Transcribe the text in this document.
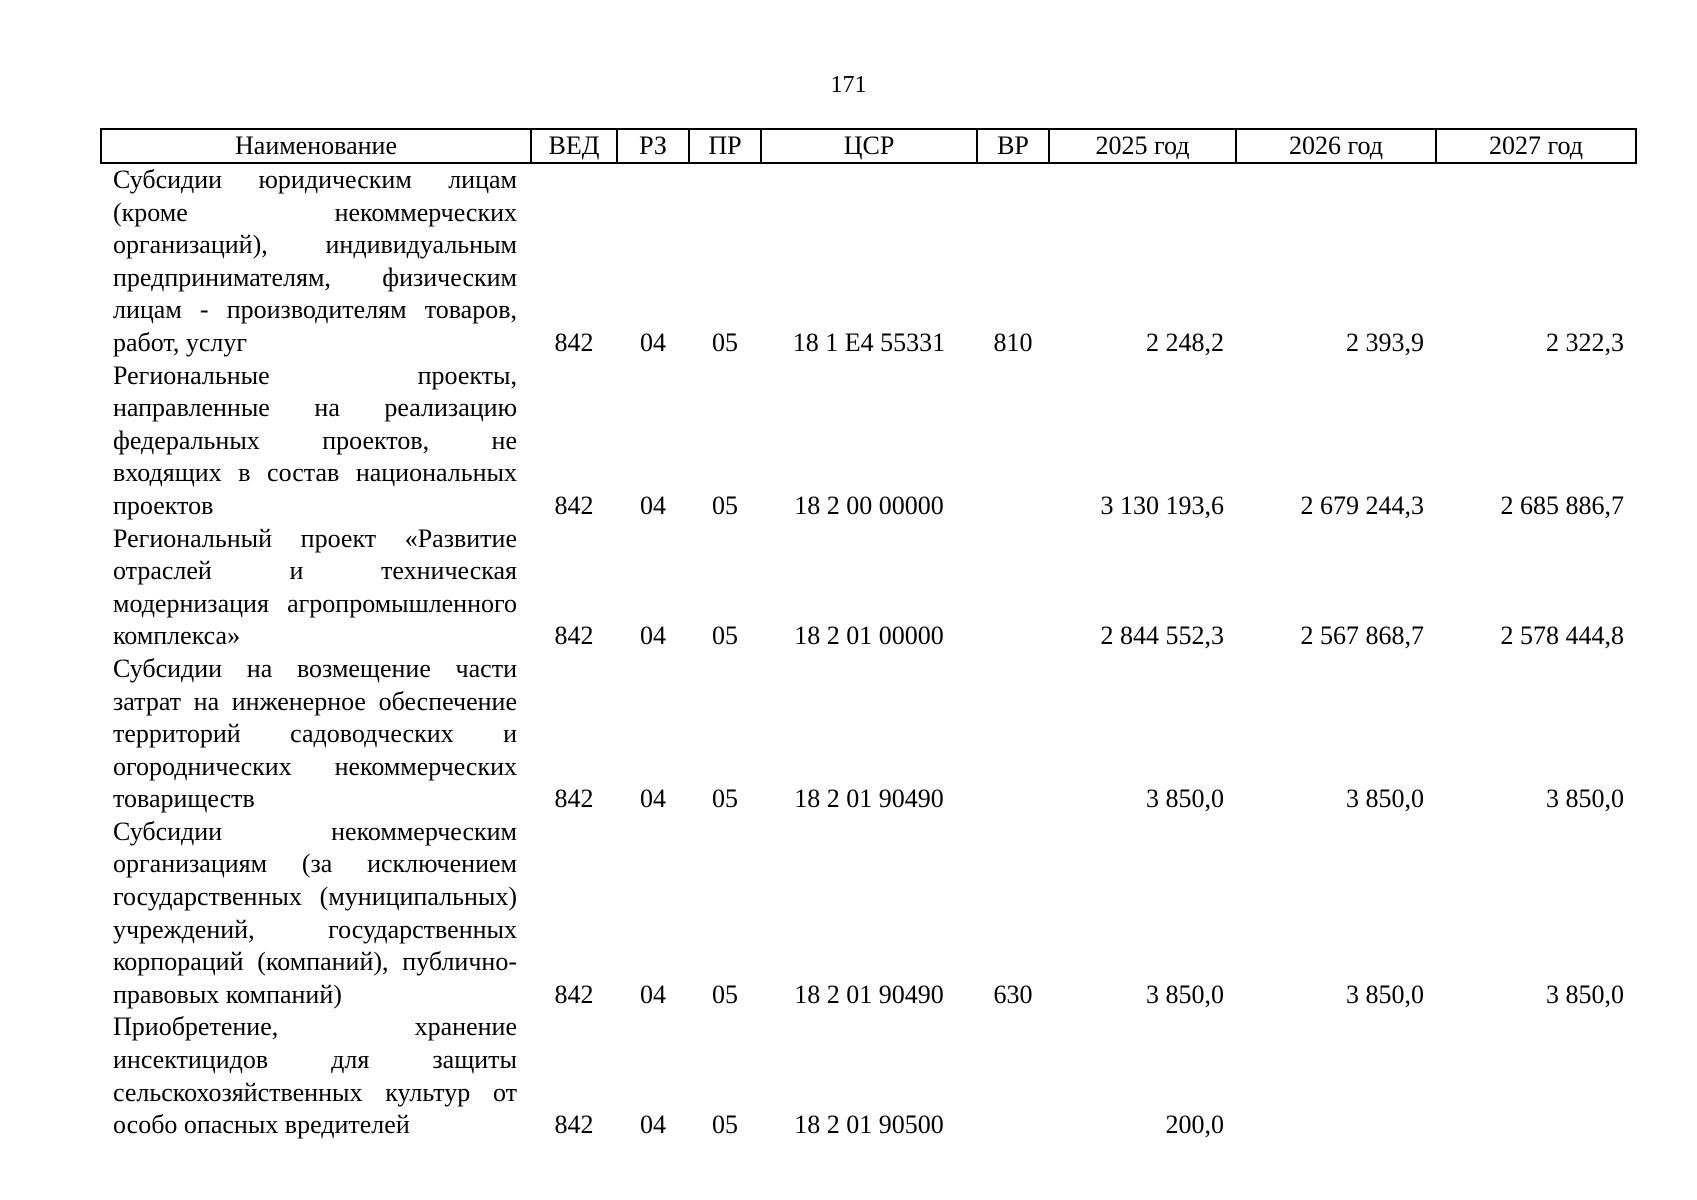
171
Наименование	ВЕД	РЗ	ПР	ЦСР	ВР	2025 год	2026 год	2027 год
Субсидии юридическим лицам (кроме некоммерческих организаций), индивидуальным предпринимателям, физическим лицам - производителям товаров, работ, услуг	842	04	05	18 1 Е4 55331	810	2 248,2	2 393,9	2 322,3
Региональные проекты, направленные на реализацию федеральных проектов, не входящих в состав национальных проектов	842	04	05	18 2 00 00000		3 130 193,6	2 679 244,3	2 685 886,7
Региональный проект «Развитие отраслей и техническая модернизация агропромышленного комплекса»	842	04	05	18 2 01 00000		2 844 552,3	2 567 868,7	2 578 444,8
Субсидии на возмещение части затрат на инженерное обеспечение территорий садоводческих и огороднических некоммерческих товариществ	842	04	05	18 2 01 90490		3 850,0	3 850,0	3 850,0
Субсидии некоммерческим организациям (за исключением государственных (муниципальных) учреждений, государственных корпораций (компаний), публично-правовых компаний)	842	04	05	18 2 01 90490	630	3 850,0	3 850,0	3 850,0
Приобретение, хранение инсектицидов для защиты сельскохозяйственных культур от особо опасных вредителей	842	04	05	18 2 01 90500		200,0		
